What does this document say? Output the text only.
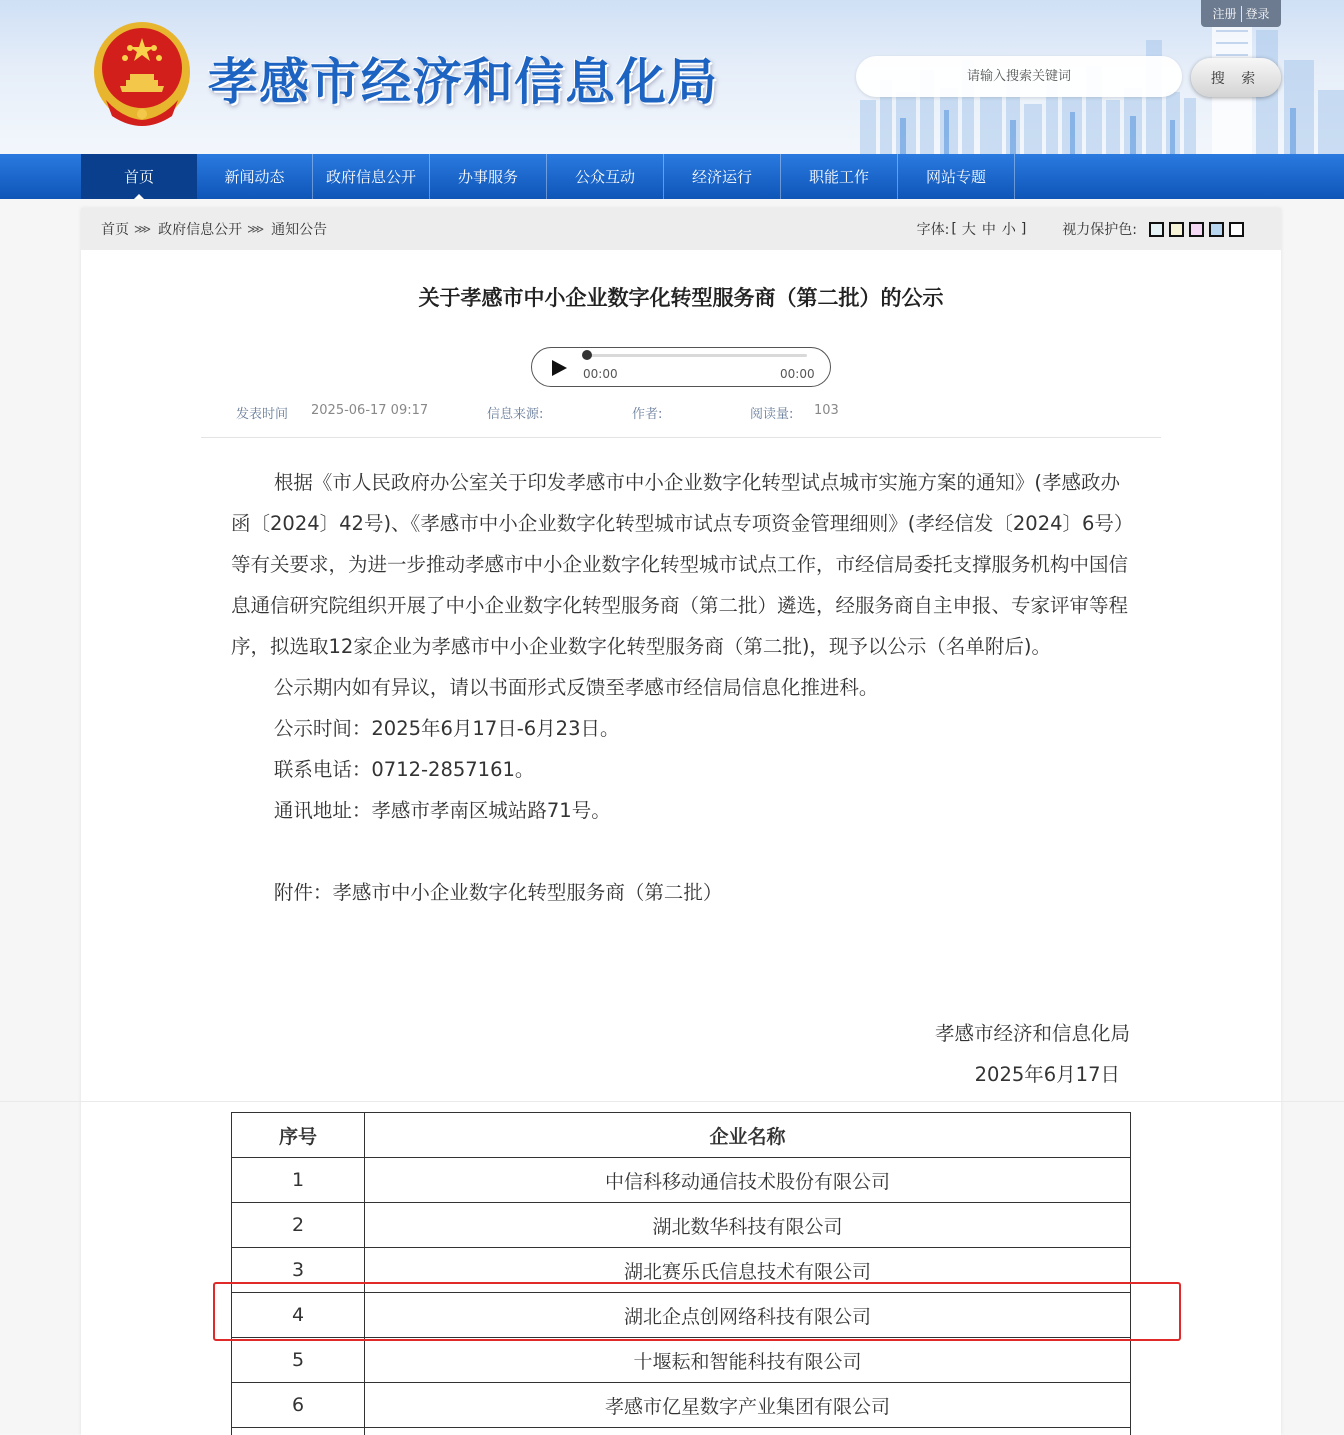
孝感市经济和信息化局
注册 登录
请输入搜索关键词
搜 索
首页	新闻动态	政府信息公开	办事服务	公众互动	经济运行	职能工作	网站专题
首页 ⋙ 政府信息公开 ⋙ 通知公告	字体: [ 大 中 小 ]	视力保护色:
关于孝感市中小企业数字化转型服务商（第二批）的公示
00:00	00:00
发表时间 2025-06-17 09:17	信息来源:	作者:	阅读量: 103

根据《市人民政府办公室关于印发孝感市中小企业数字化转型试点城市实施方案的通知》(孝感政办函〔2024〕42号)、《孝感市中小企业数字化转型城市试点专项资金管理细则》(孝经信发〔2024〕6号）等有关要求，为进一步推动孝感市中小企业数字化转型城市试点工作，市经信局委托支撑服务机构中国信息通信研究院组织开展了中小企业数字化转型服务商（第二批）遴选，经服务商自主申报、专家评审等程序，拟选取12家企业为孝感市中小企业数字化转型服务商（第二批)，现予以公示（名单附后)。

公示期内如有异议，请以书面形式反馈至孝感市经信局信息化推进科。

公示时间：2025年6月17日-6月23日。

联系电话：0712-2857161。

通讯地址：孝感市孝南区城站路71号。

附件：孝感市中小企业数字化转型服务商（第二批）

孝感市经济和信息化局
2025年6月17日
序号	企业名称
1	中信科移动通信技术股份有限公司
2	湖北数华科技有限公司
3	湖北赛乐氏信息技术有限公司
4	湖北企点创网络科技有限公司
5	十堰耘和智能科技有限公司
6	孝感市亿星数字产业集团有限公司
